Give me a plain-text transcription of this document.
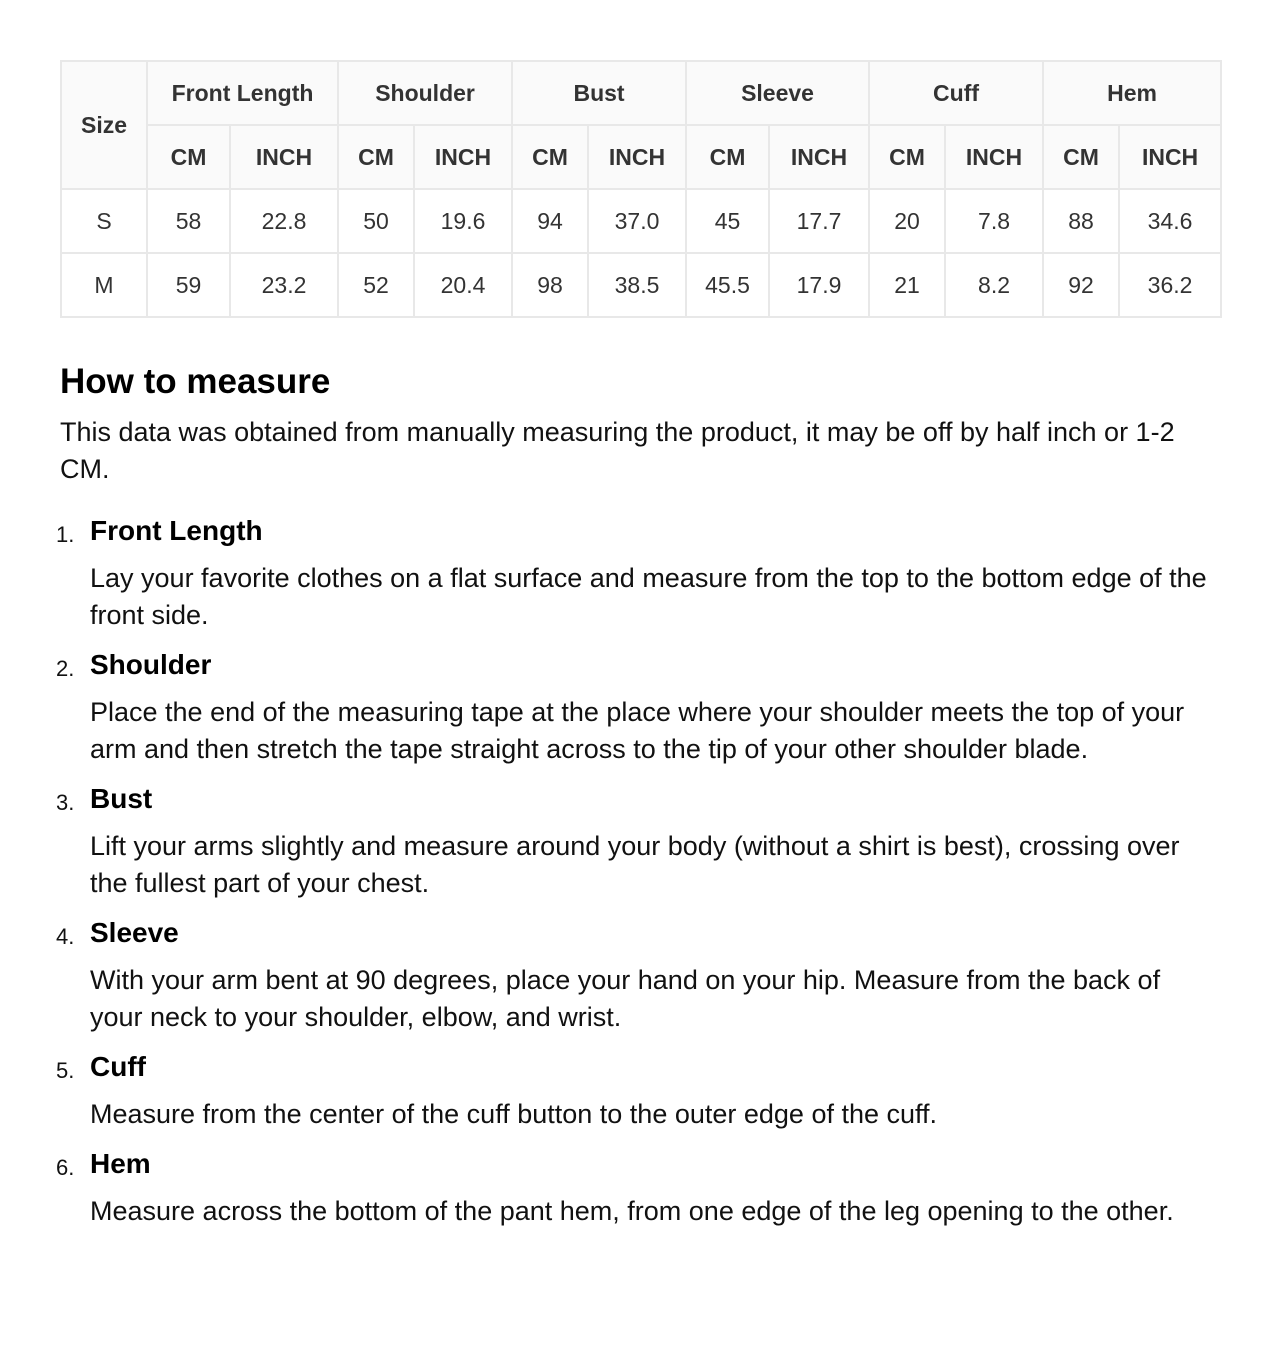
Size	Front Length		Shoulder		Bust		Sleeve		Cuff		Hem	
	CM	INCH	CM	INCH	CM	INCH	CM	INCH	CM	INCH	CM	INCH
S	58	22.8	50	19.6	94	37.0	45	17.7	20	7.8	88	34.6
M	59	23.2	52	20.4	98	38.5	45.5	17.9	21	8.2	92	36.2
How to measure

This data was obtained from manually measuring the product, it may be off by half inch or 1-2 CM.

Front Length
Lay your favorite clothes on a flat surface and measure from the top to the bottom edge of the front side.
Shoulder
Place the end of the measuring tape at the place where your shoulder meets the top of your arm and then stretch the tape straight across to the tip of your other shoulder blade.
Bust
Lift your arms slightly and measure around your body (without a shirt is best), crossing over the fullest part of your chest.
Sleeve
With your arm bent at 90 degrees, place your hand on your hip. Measure from the back of your neck to your shoulder, elbow, and wrist.
Cuff
Measure from the center of the cuff button to the outer edge of the cuff.
Hem
Measure across the bottom of the pant hem, from one edge of the leg opening to the other.
